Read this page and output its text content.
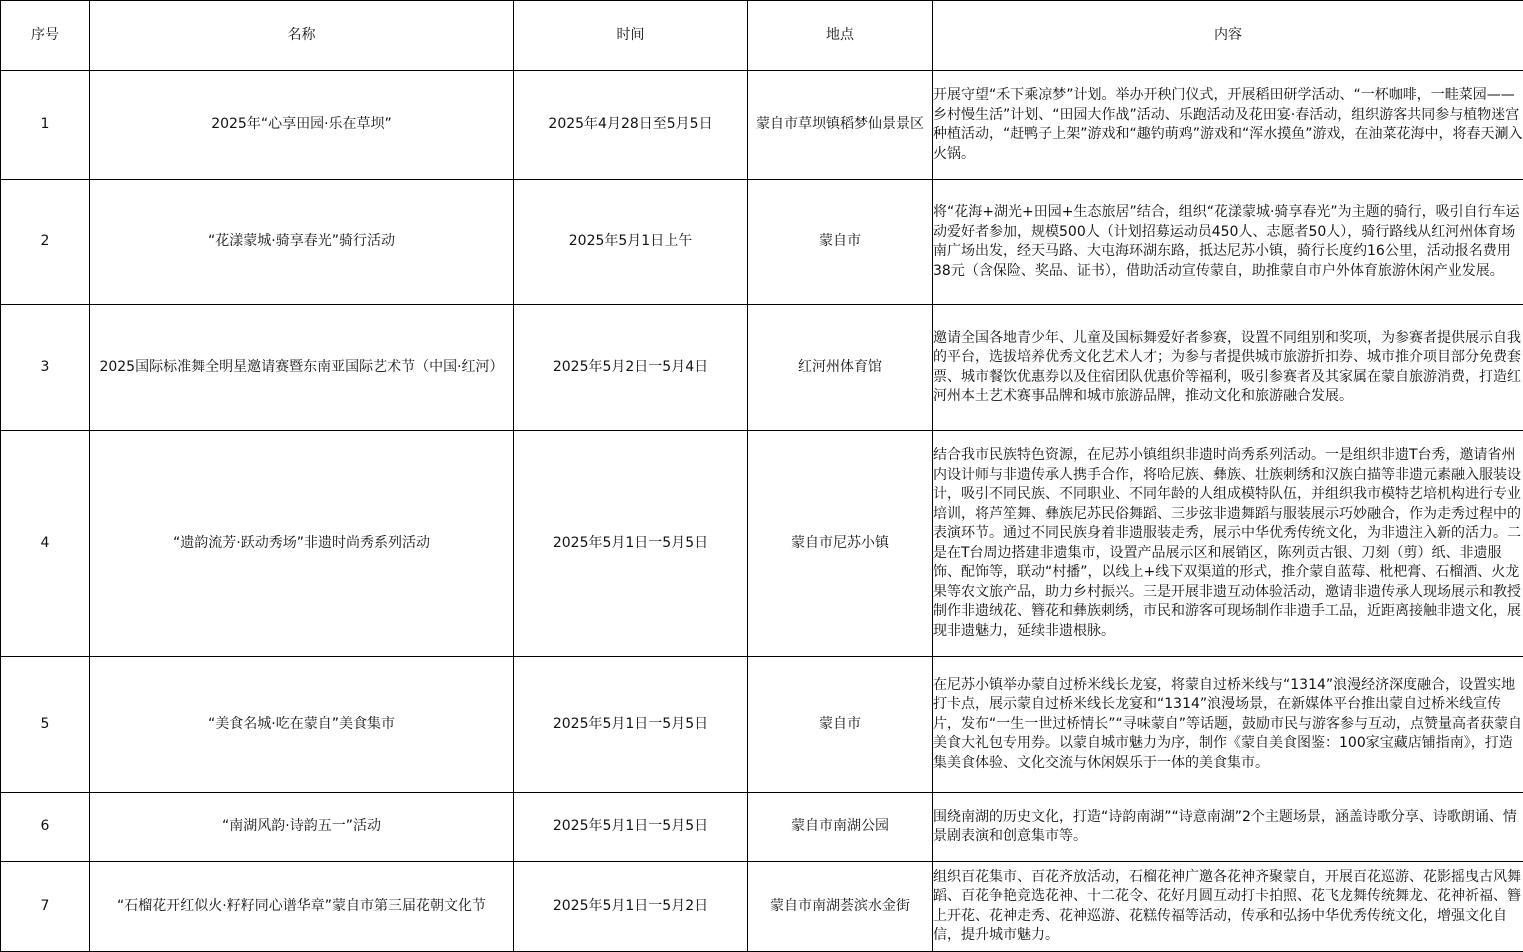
序号	名称	时间	地点	内容
1	2025年“心享田园·乐在草坝”	2025年4月28日至5月5日	蒙自市草坝镇稻梦仙景景区	开展守望“禾下乘凉梦”计划。举办开秧门仪式，开展稻田研学活动、“一杯咖啡，一畦菜园——乡村慢生活”计划、“田园大作战”活动、乐跑活动及花田宴·春活动，组织游客共同参与植物迷宫种植活动，“赶鸭子上架”游戏和“趣钓萌鸡”游戏和“浑水摸鱼”游戏，在油菜花海中，将春天涮入火锅。
2	“花漾蒙城·骑享春光”骑行活动	2025年5月1日上午	蒙自市	将“花海+湖光+田园+生态旅居”结合，组织“花漾蒙城·骑享春光”为主题的骑行，吸引自行车运动爱好者参加，规模500人（计划招募运动员450人、志愿者50人），骑行路线从红河州体育场南广场出发，经天马路、大屯海环湖东路，抵达尼苏小镇，骑行长度约16公里，活动报名费用38元（含保险、奖品、证书），借助活动宣传蒙自，助推蒙自市户外体育旅游休闲产业发展。
3	2025国际标准舞全明星邀请赛暨东南亚国际艺术节（中国·红河）	2025年5月2日一5月4日	红河州体育馆	邀请全国各地青少年、儿童及国标舞爱好者参赛，设置不同组别和奖项，为参赛者提供展示自我的平台，选拔培养优秀文化艺术人才；为参与者提供城市旅游折扣券、城市推介项目部分免费套票、城市餐饮优惠券以及住宿团队优惠价等福利，吸引参赛者及其家属在蒙自旅游消费，打造红河州本土艺术赛事品牌和城市旅游品牌，推动文化和旅游融合发展。
4	“遗韵流芳·跃动秀场”非遗时尚秀系列活动	2025年5月1日一5月5日	蒙自市尼苏小镇	结合我市民族特色资源，在尼苏小镇组织非遗时尚秀系列活动。一是组织非遗T台秀，邀请省州内设计师与非遗传承人携手合作，将哈尼族、彝族、壮族刺绣和汉族白描等非遗元素融入服装设计，吸引不同民族、不同职业、不同年龄的人组成模特队伍，并组织我市模特艺培机构进行专业培训，将芦笙舞、彝族尼苏民俗舞蹈、三步弦非遗舞蹈与服装展示巧妙融合，作为走秀过程中的表演环节。通过不同民族身着非遗服装走秀，展示中华优秀传统文化，为非遗注入新的活力。二是在T台周边搭建非遗集市，设置产品展示区和展销区，陈列贡古银、刀刻（剪）纸、非遗服饰、配饰等，联动“村播”，以线上+线下双渠道的形式，推介蒙自蓝莓、枇杷膏、石榴酒、火龙果等农文旅产品，助力乡村振兴。三是开展非遗互动体验活动，邀请非遗传承人现场展示和教授制作非遗绒花、簪花和彝族刺绣，市民和游客可现场制作非遗手工品，近距离接触非遗文化，展现非遗魅力，延续非遗根脉。
5	“美食名城·吃在蒙自”美食集市	2025年5月1日一5月5日	蒙自市	在尼苏小镇举办蒙自过桥米线长龙宴，将蒙自过桥米线与“1314”浪漫经济深度融合，设置实地打卡点，展示蒙自过桥米线长龙宴和“1314”浪漫场景，在新媒体平台推出蒙自过桥米线宣传片，发布“一生一世过桥情长”“寻味蒙自”等话题，鼓励市民与游客参与互动，点赞量高者获蒙自美食大礼包专用券。以蒙自城市魅力为序，制作《蒙自美食图鉴：100家宝藏店铺指南》，打造集美食体验、文化交流与休闲娱乐于一体的美食集市。
6	“南湖风韵·诗韵五一”活动	2025年5月1日一5月5日	蒙自市南湖公园	围绕南湖的历史文化，打造“诗韵南湖”“诗意南湖”2个主题场景，涵盖诗歌分享、诗歌朗诵、情景剧表演和创意集市等。
7	“石榴花开红似火·籽籽同心谱华章”蒙自市第三届花朝文化节	2025年5月1日一5月2日	蒙自市南湖荟滨水金街	组织百花集市、百花齐放活动，石榴花神广邀各花神齐聚蒙自，开展百花巡游、花影摇曳古风舞蹈、百花争艳竞选花神、十二花令、花好月圆互动打卡拍照、花飞龙舞传统舞龙、花神祈福、簪上开花、花神走秀、花神巡游、花糕传福等活动，传承和弘扬中华优秀传统文化，增强文化自信，提升城市魅力。
